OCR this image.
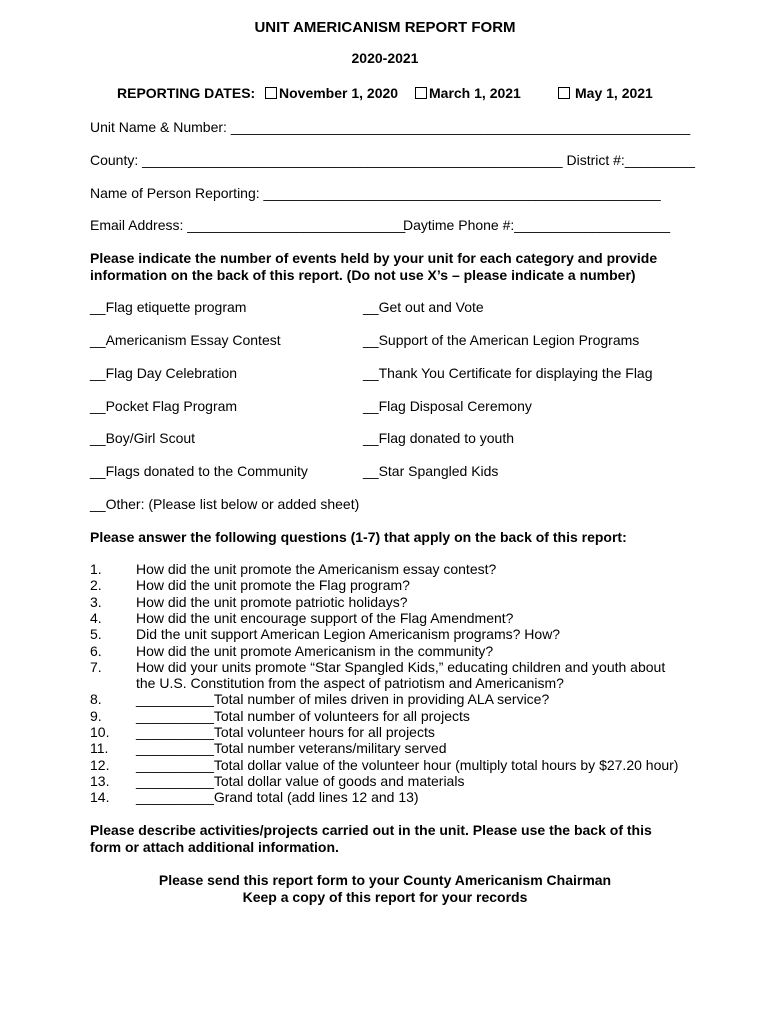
UNIT AMERICANISM REPORT FORM
2020-2021
REPORTING DATES:	November 1, 2020	March 1, 2021	May 1, 2021
Unit Name & Number: ___________________________________________________________
County: ______________________________________________________ District #:_________
Name of Person Reporting: ___________________________________________________
Email Address: ____________________________
Daytime Phone #:____________________
Please indicate the number of events held by your unit for each category and provide information on the back of this report. (Do not use X’s – please indicate a number)
__Flag etiquette program
__Americanism Essay Contest
__Flag Day Celebration
__Pocket Flag Program
__Boy/Girl Scout
__Flags donated to the Community
__Get out and Vote
__Support of the American Legion Programs
__Thank You Certificate for displaying the Flag
__Flag Disposal Ceremony
__Flag donated to youth
__Star Spangled Kids
__Other: (Please list below or added sheet)
Please answer the following questions (1-7) that apply on the back of this report:
1. How did the unit promote the Americanism essay contest?
2. How did the unit promote the Flag program?
3. How did the unit promote patriotic holidays?
4. How did the unit encourage support of the Flag Amendment?
5. Did the unit support American Legion Americanism programs? How?
6. How did the unit promote Americanism in the community?
7. How did your units promote “Star Spangled Kids,” educating children and youth about
the U.S. Constitution from the aspect of patriotism and Americanism?
8. __________Total number of miles driven in providing ALA service?
9. __________Total number of volunteers for all projects
10. __________Total volunteer hours for all projects
11. __________Total number veterans/military served
12. __________Total dollar value of the volunteer hour (multiply total hours by $27.20 hour)
13. __________Total dollar value of goods and materials
14. __________Grand total (add lines 12 and 13)
Please describe activities/projects carried out in the unit. Please use the back of this form or attach additional information.
Please send this report form to your County Americanism Chairman
Keep a copy of this report for your records
